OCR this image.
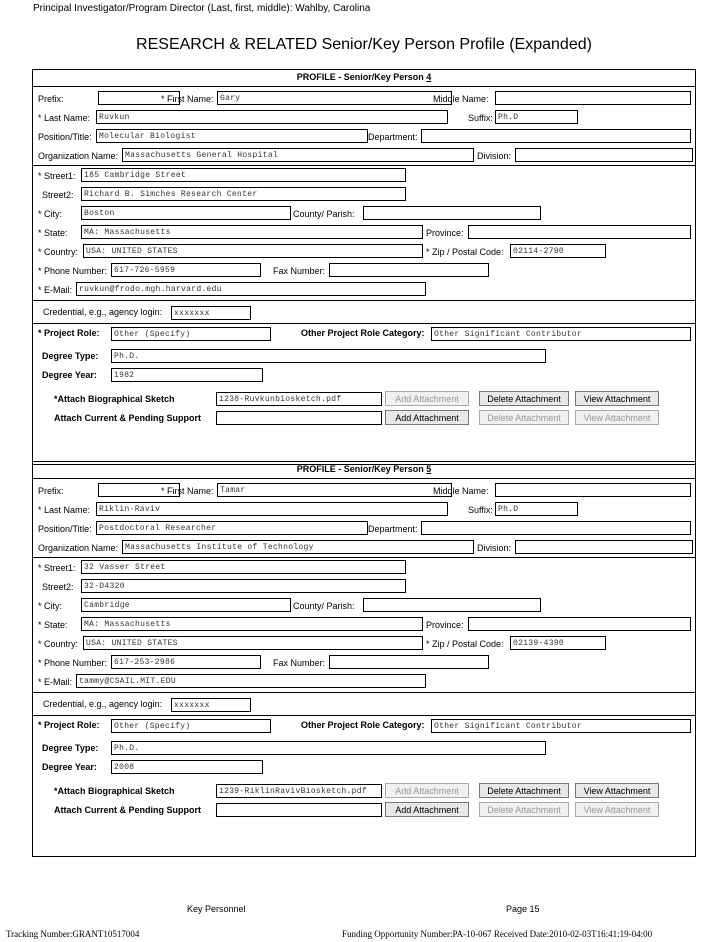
Principal Investigator/Program Director (Last, first, middle): Wahlby, Carolina
RESEARCH & RELATED Senior/Key Person Profile (Expanded)
PROFILE - Senior/Key Person 4
Prefix:	* First Name: Gary	Middle Name:
* Last Name:	Ruvkun	Suffix: Ph.D
Position/Title: Molecular Biologist	Department:
Organization Name: Massachusetts General Hospital	Division:
* Street1:	185 Cambridge Street
Street2:	Richard B. Simches Research Center
* City:	Boston	County/ Parish:
* State:	MA: Massachusetts	Province:
* Country: USA: UNITED STATES	* Zip / Postal Code:	02114-2790
* Phone Number: 617-726-5959	Fax Number:
* E-Mail: ruvkun@frodo.mgh.harvard.edu
Credential, e.g., agency login:	xxxxxxx
* Project Role:	Other (Specify)	Other Project Role Category:	Other Significant Contributor
Degree Type:	Ph.D.
Degree Year:	1982
*Attach Biographical Sketch	1238-Ruvkunbiosketch.pdf	Add Attachment	Delete Attachment	View Attachment
Attach Current & Pending Support	Add Attachment	Delete Attachment	View Attachment
PROFILE - Senior/Key Person 5
Prefix:	* First Name: Tamar	Middle Name:
* Last Name:	Riklin-Raviv	Suffix: Ph.D
Position/Title: Postdoctoral Researcher	Department:
Organization Name: Massachusetts Institute of Technology	Division:
* Street1:	32 Vasser Street
Street2:	32-D4320
* City:	Cambridge	County/ Parish:
* State:	MA: Massachusetts	Province:
* Country: USA: UNITED STATES	* Zip / Postal Code:	02139-4390
* Phone Number: 617-253-2986	Fax Number:
* E-Mail: tammy@CSAIL.MIT.EDU
Credential, e.g., agency login:	xxxxxxx
* Project Role:	Other (Specify)	Other Project Role Category:	Other Significant Contributor
Degree Type:	Ph.D.
Degree Year:	2008
*Attach Biographical Sketch	1239-RiklinRavivBiosketch.pdf	Add Attachment	Delete Attachment	View Attachment
Attach Current & Pending Support	Add Attachment	Delete Attachment	View Attachment
Key Personnel	Page 15
Tracking Number:GRANT10517004	Funding Opportunity Number:PA-10-067 Received Date:2010-02-03T16:41:19-04:00
